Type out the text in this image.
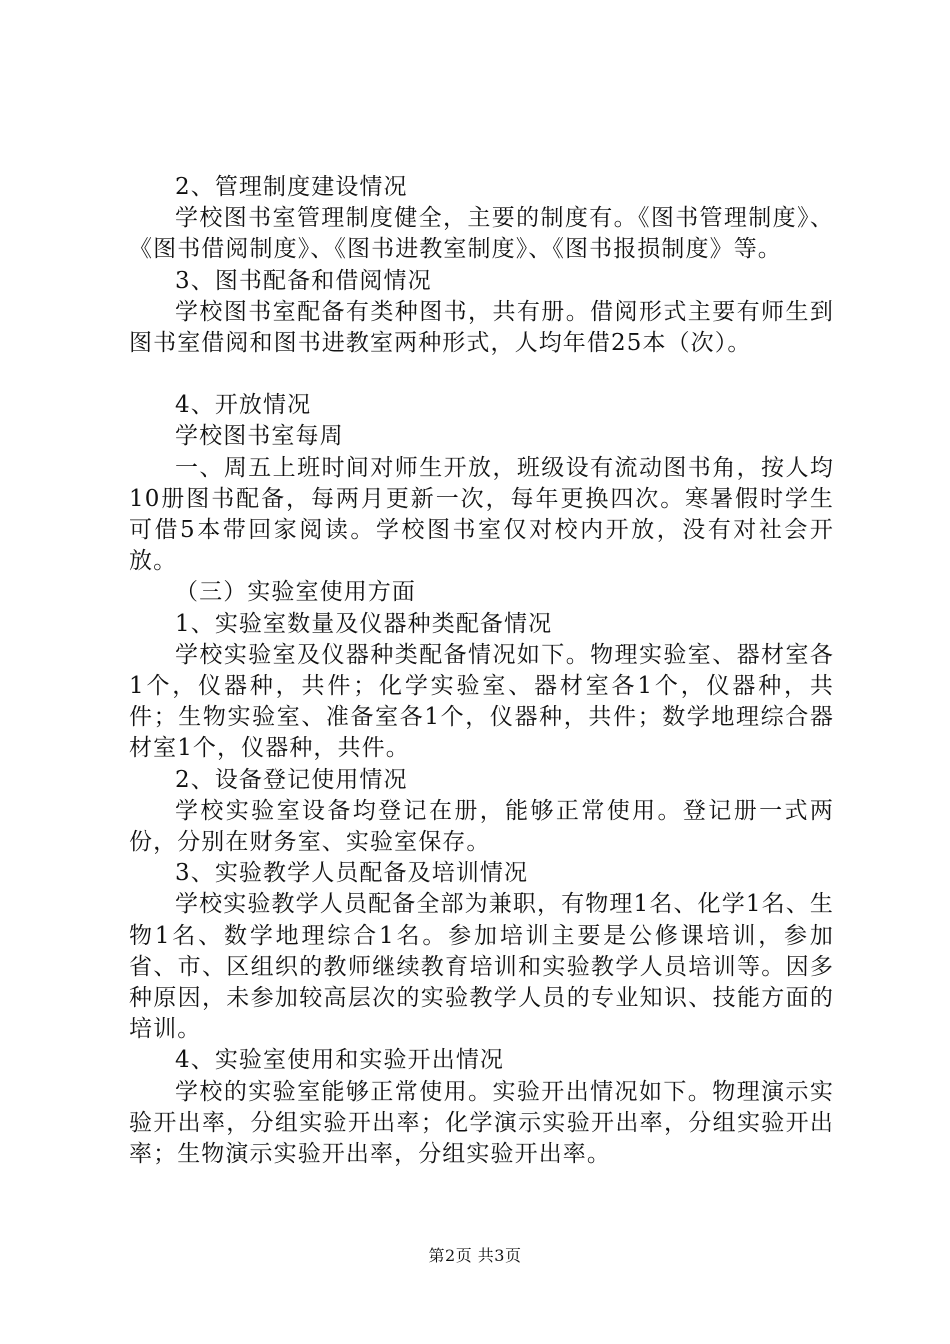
2、管理制度建设情况

学校图书室管理制度健全，主要的制度有。《图书管理制度》、《图书借阅制度》、《图书进教室制度》、《图书报损制度》等。

3、图书配备和借阅情况

学校图书室配备有类种图书，共有册。借阅形式主要有师生到图书室借阅和图书进教室两种形式，人均年借25本（次）。

4、开放情况

学校图书室每周

一、周五上班时间对师生开放，班级设有流动图书角，按人均10册图书配备，每两月更新一次，每年更换四次。寒暑假时学生可借5本带回家阅读。学校图书室仅对校内开放，没有对社会开放。

（三）实验室使用方面

1、实验室数量及仪器种类配备情况

学校实验室及仪器种类配备情况如下。物理实验室、器材室各1个，仪器种，共件；化学实验室、器材室各1个，仪器种，共件；生物实验室、准备室各1个，仪器种，共件；数学地理综合器材室1个，仪器种，共件。

2、设备登记使用情况

学校实验室设备均登记在册，能够正常使用。登记册一式两份，分别在财务室、实验室保存。

3、实验教学人员配备及培训情况

学校实验教学人员配备全部为兼职，有物理1名、化学1名、生物1名、数学地理综合1名。参加培训主要是公修课培训，参加省、市、区组织的教师继续教育培训和实验教学人员培训等。因多种原因，未参加较高层次的实验教学人员的专业知识、技能方面的培训。

4、实验室使用和实验开出情况

学校的实验室能够正常使用。实验开出情况如下。物理演示实验开出率，分组实验开出率；化学演示实验开出率，分组实验开出率；生物演示实验开出率，分组实验开出率。

第2页 共3页
